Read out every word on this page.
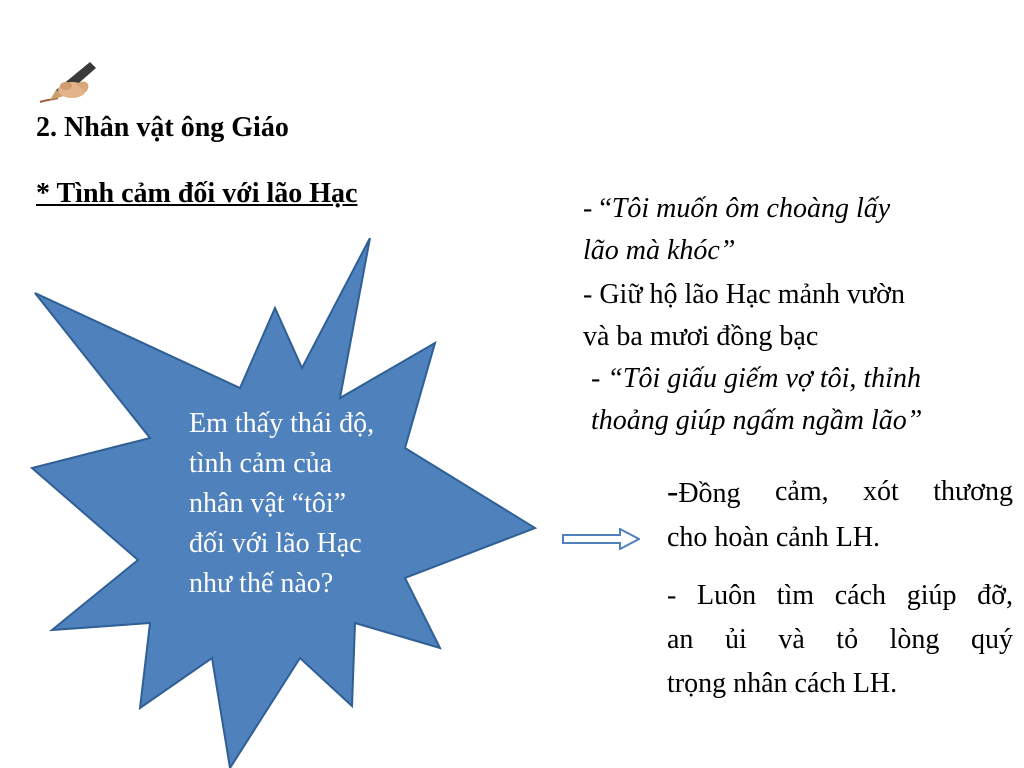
2. Nhân vật ông Giáo
* Tình cảm đối với lão Hạc
Em thấy thái độ,
tình cảm của
nhân vật “tôi”
đối với lão Hạc
như thế nào?
- “Tôi muốn ôm choàng lấy
lão mà khóc”
- Giữ hộ lão Hạc mảnh vườn
và ba mươi đồng bạc
- “Tôi giấu giếm vợ tôi, thỉnh
thoảng giúp ngấm ngầm lão”
-Đồng cảm, xót thương
cho hoàn cảnh LH.
- Luôn tìm cách giúp đỡ,
an ủi và tỏ lòng quý
trọng nhân cách LH.
